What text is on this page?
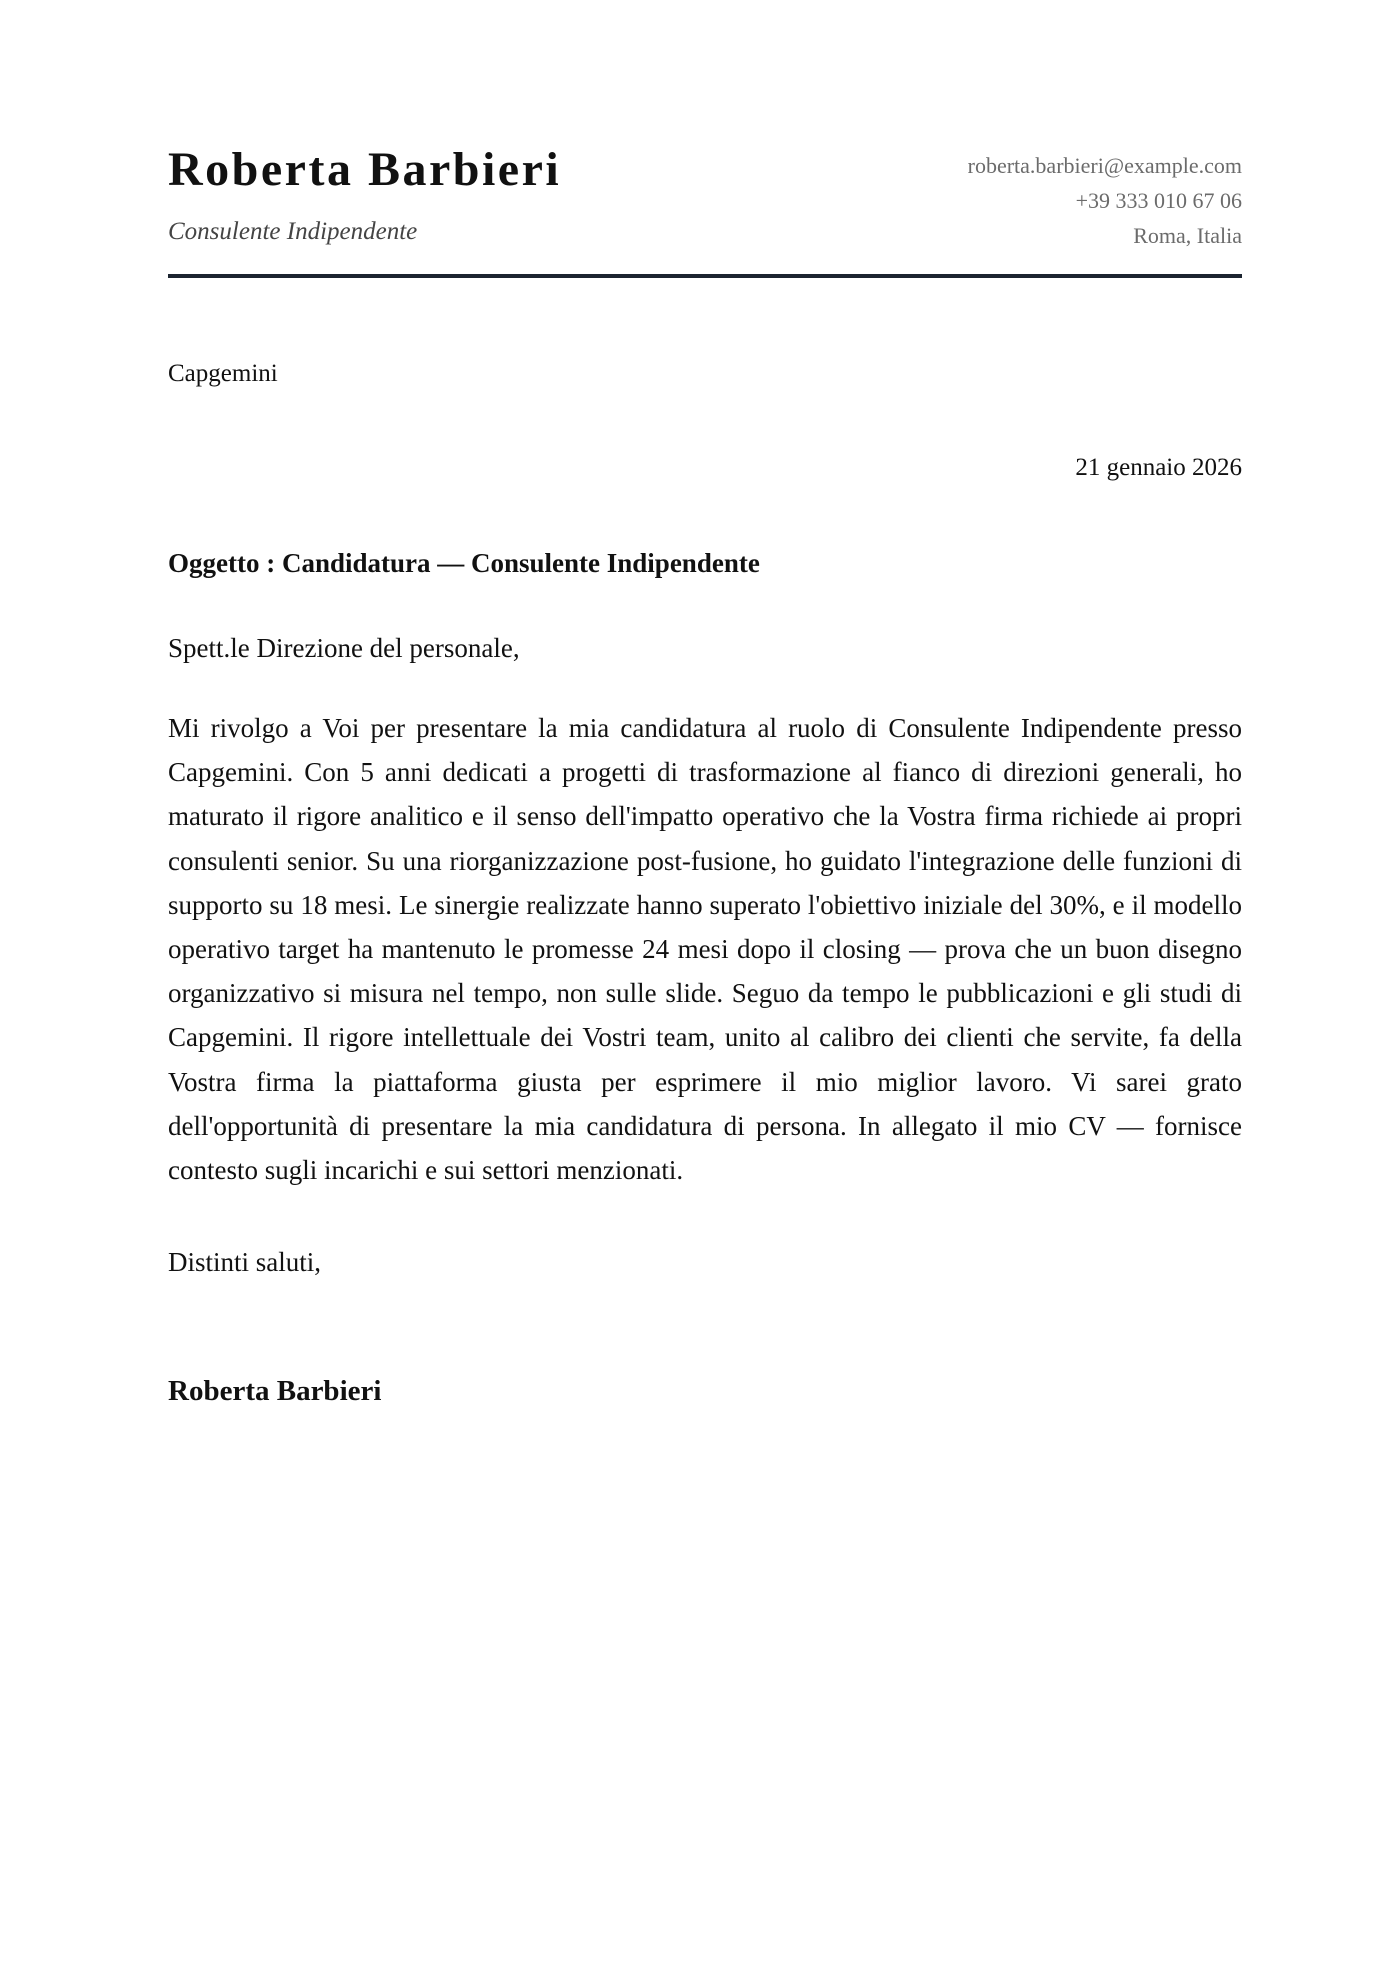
Roberta Barbieri
Consulente Indipendente
roberta.barbieri@example.com
+39 333 010 67 06
Roma, Italia
Capgemini
21 gennaio 2026
Oggetto : Candidatura — Consulente Indipendente
Spett.le Direzione del personale,

Mi rivolgo a Voi per presentare la mia candidatura al ruolo di Consulente Indipendente presso Capgemini. Con 5 anni dedicati a progetti di trasformazione al fianco di direzioni generali, ho maturato il rigore analitico e il senso dell'impatto operativo che la Vostra firma richiede ai propri consulenti senior. Su una riorganizzazione post-fusione, ho guidato l'integrazione delle funzioni di supporto su 18 mesi. Le sinergie realizzate hanno superato l'obiettivo iniziale del 30%, e il modello operativo target ha mantenuto le promesse 24 mesi dopo il closing — prova che un buon disegno organizzativo si misura nel tempo, non sulle slide. Seguo da tempo le pubblicazioni e gli studi di Capgemini. Il rigore intellettuale dei Vostri team, unito al calibro dei clienti che servite, fa della Vostra firma la piattaforma giusta per esprimere il mio miglior lavoro. Vi sarei grato dell'opportunità di presentare la mia candidatura di persona. In allegato il mio CV — fornisce contesto sugli incarichi e sui settori menzionati.

Distinti saluti,
Roberta Barbieri
